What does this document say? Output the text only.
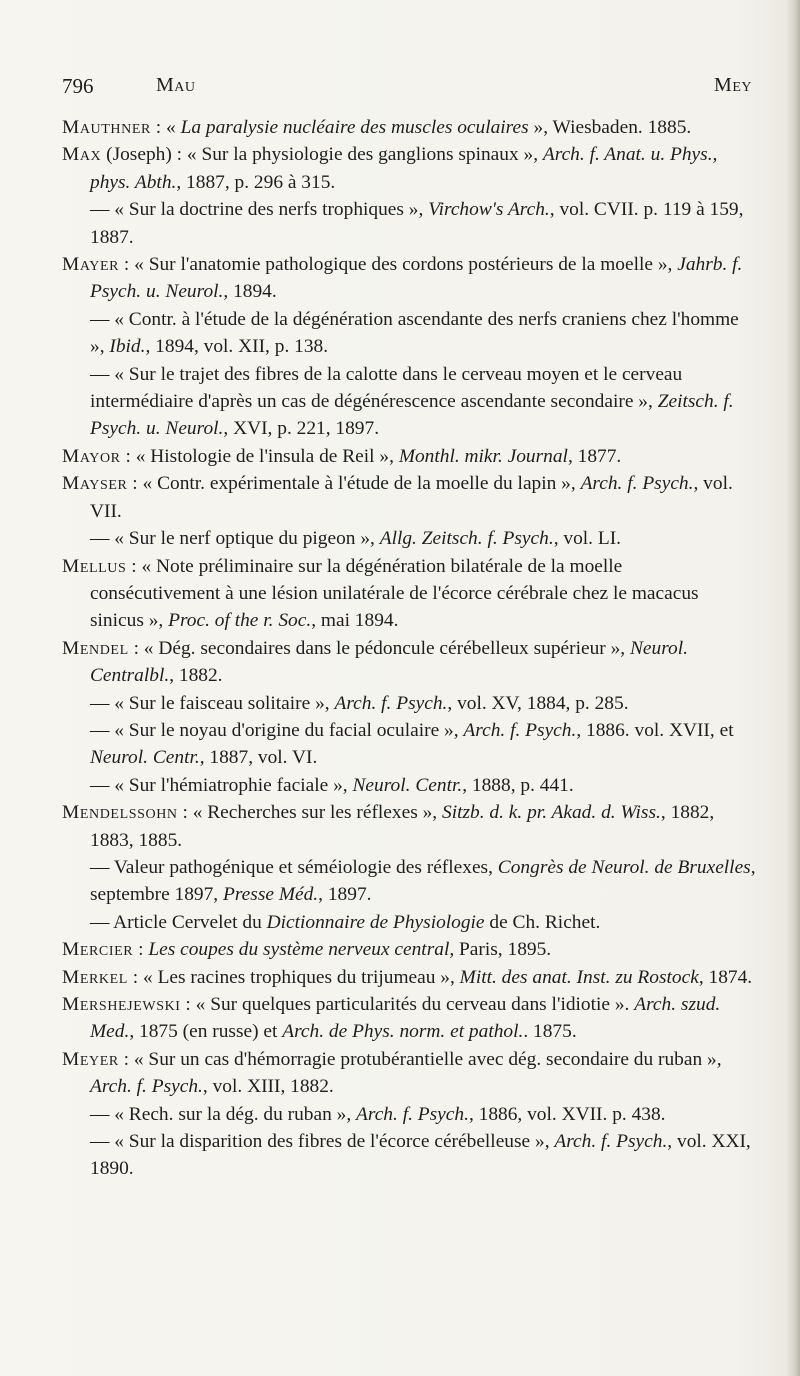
796	Mau	Mey

Mauthner : « La paralysie nucléaire des muscles oculaires », Wiesbaden. 1885.

Max (Joseph) : « Sur la physiologie des ganglions spinaux », Arch. f. Anat. u. Phys., phys. Abth., 1887, p. 296 à 315.

— « Sur la doctrine des nerfs trophiques », Virchow's Arch., vol. CVII. p. 119 à 159, 1887.

Mayer : « Sur l'anatomie pathologique des cordons postérieurs de la moelle », Jahrb. f. Psych. u. Neurol., 1894.

— « Contr. à l'étude de la dégénération ascendante des nerfs craniens chez l'homme », Ibid., 1894, vol. XII, p. 138.

— « Sur le trajet des fibres de la calotte dans le cerveau moyen et le cerveau intermédiaire d'après un cas de dégénérescence ascendante secondaire », Zeitsch. f. Psych. u. Neurol., XVI, p. 221, 1897.

Mayor : « Histologie de l'insula de Reil », Monthl. mikr. Journal, 1877.

Mayser : « Contr. expérimentale à l'étude de la moelle du lapin », Arch. f. Psych., vol. VII.

— « Sur le nerf optique du pigeon », Allg. Zeitsch. f. Psych., vol. LI.

Mellus : « Note préliminaire sur la dégénération bilatérale de la moelle consécutivement à une lésion unilatérale de l'écorce cérébrale chez le macacus sinicus », Proc. of the r. Soc., mai 1894.

Mendel : « Dég. secondaires dans le pédoncule cérébelleux supérieur », Neurol. Centralbl., 1882.

— « Sur le faisceau solitaire », Arch. f. Psych., vol. XV, 1884, p. 285.

— « Sur le noyau d'origine du facial oculaire », Arch. f. Psych., 1886. vol. XVII, et Neurol. Centr., 1887, vol. VI.

— « Sur l'hémiatrophie faciale », Neurol. Centr., 1888, p. 441.

Mendelssohn : « Recherches sur les réflexes », Sitzb. d. k. pr. Akad. d. Wiss., 1882, 1883, 1885.

— Valeur pathogénique et séméiologie des réflexes, Congrès de Neurol. de Bruxelles, septembre 1897, Presse Méd., 1897.

— Article Cervelet du Dictionnaire de Physiologie de Ch. Richet.

Mercier : Les coupes du système nerveux central, Paris, 1895.

Merkel : « Les racines trophiques du trijumeau », Mitt. des anat. Inst. zu Rostock, 1874.

Mershejewski : « Sur quelques particularités du cerveau dans l'idiotie ». Arch. szud. Med., 1875 (en russe) et Arch. de Phys. norm. et pathol.. 1875.

Meyer : « Sur un cas d'hémorragie protubérantielle avec dég. secondaire du ruban », Arch. f. Psych., vol. XIII, 1882.

— « Rech. sur la dég. du ruban », Arch. f. Psych., 1886, vol. XVII. p. 438.

— « Sur la disparition des fibres de l'écorce cérébelleuse », Arch. f. Psych., vol. XXI, 1890.
